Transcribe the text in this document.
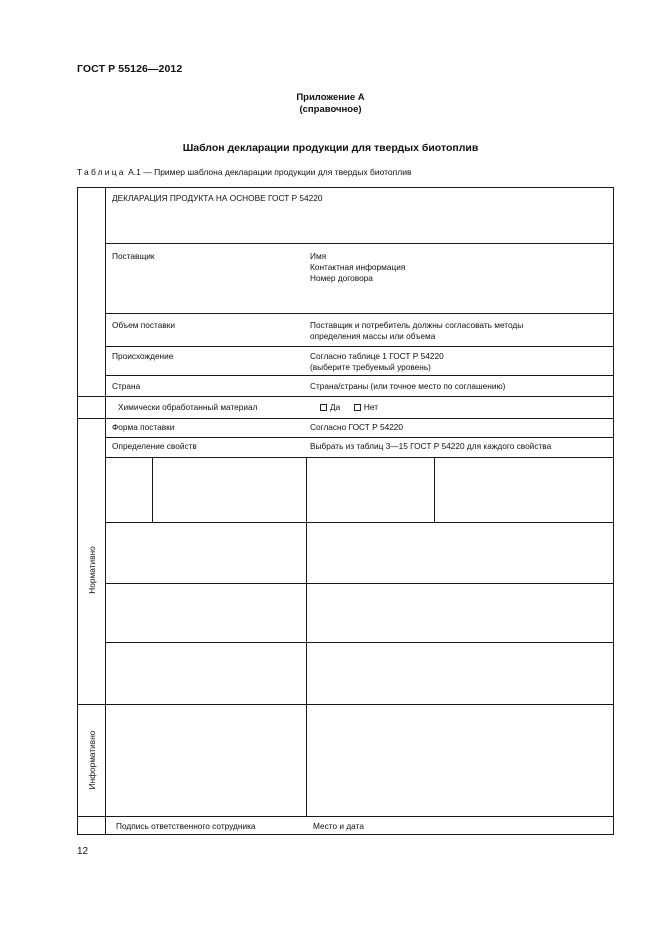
ГОСТ Р 55126—2012
Приложение А
(справочное)
Шаблон декларации продукции для твердых биотоплив
Таблица А.1 — Пример шаблона декларации продукции для твердых биотоплив
ДЕКЛАРАЦИЯ ПРОДУКТА НА ОСНОВЕ ГОСТ Р 54220
Поставщик	Имя
Контактная информация
Номер договора
Объем поставки	Поставщик и потребитель должны согласовать методы
определения массы или объема
Происхождение	Согласно таблице 1 ГОСТ Р 54220
(выберите требуемый уровень)
Страна	Страна/страны (или точное место по соглашению)
Химически обработанный материал	Да	Нет
Форма поставки	Согласно ГОСТ Р 54220
Определение свойств	Выбрать из таблиц 3—15 ГОСТ Р 54220 для каждого свойства
Нормативно
Информативно
Подпись ответственного сотрудника	Место и дата
12
